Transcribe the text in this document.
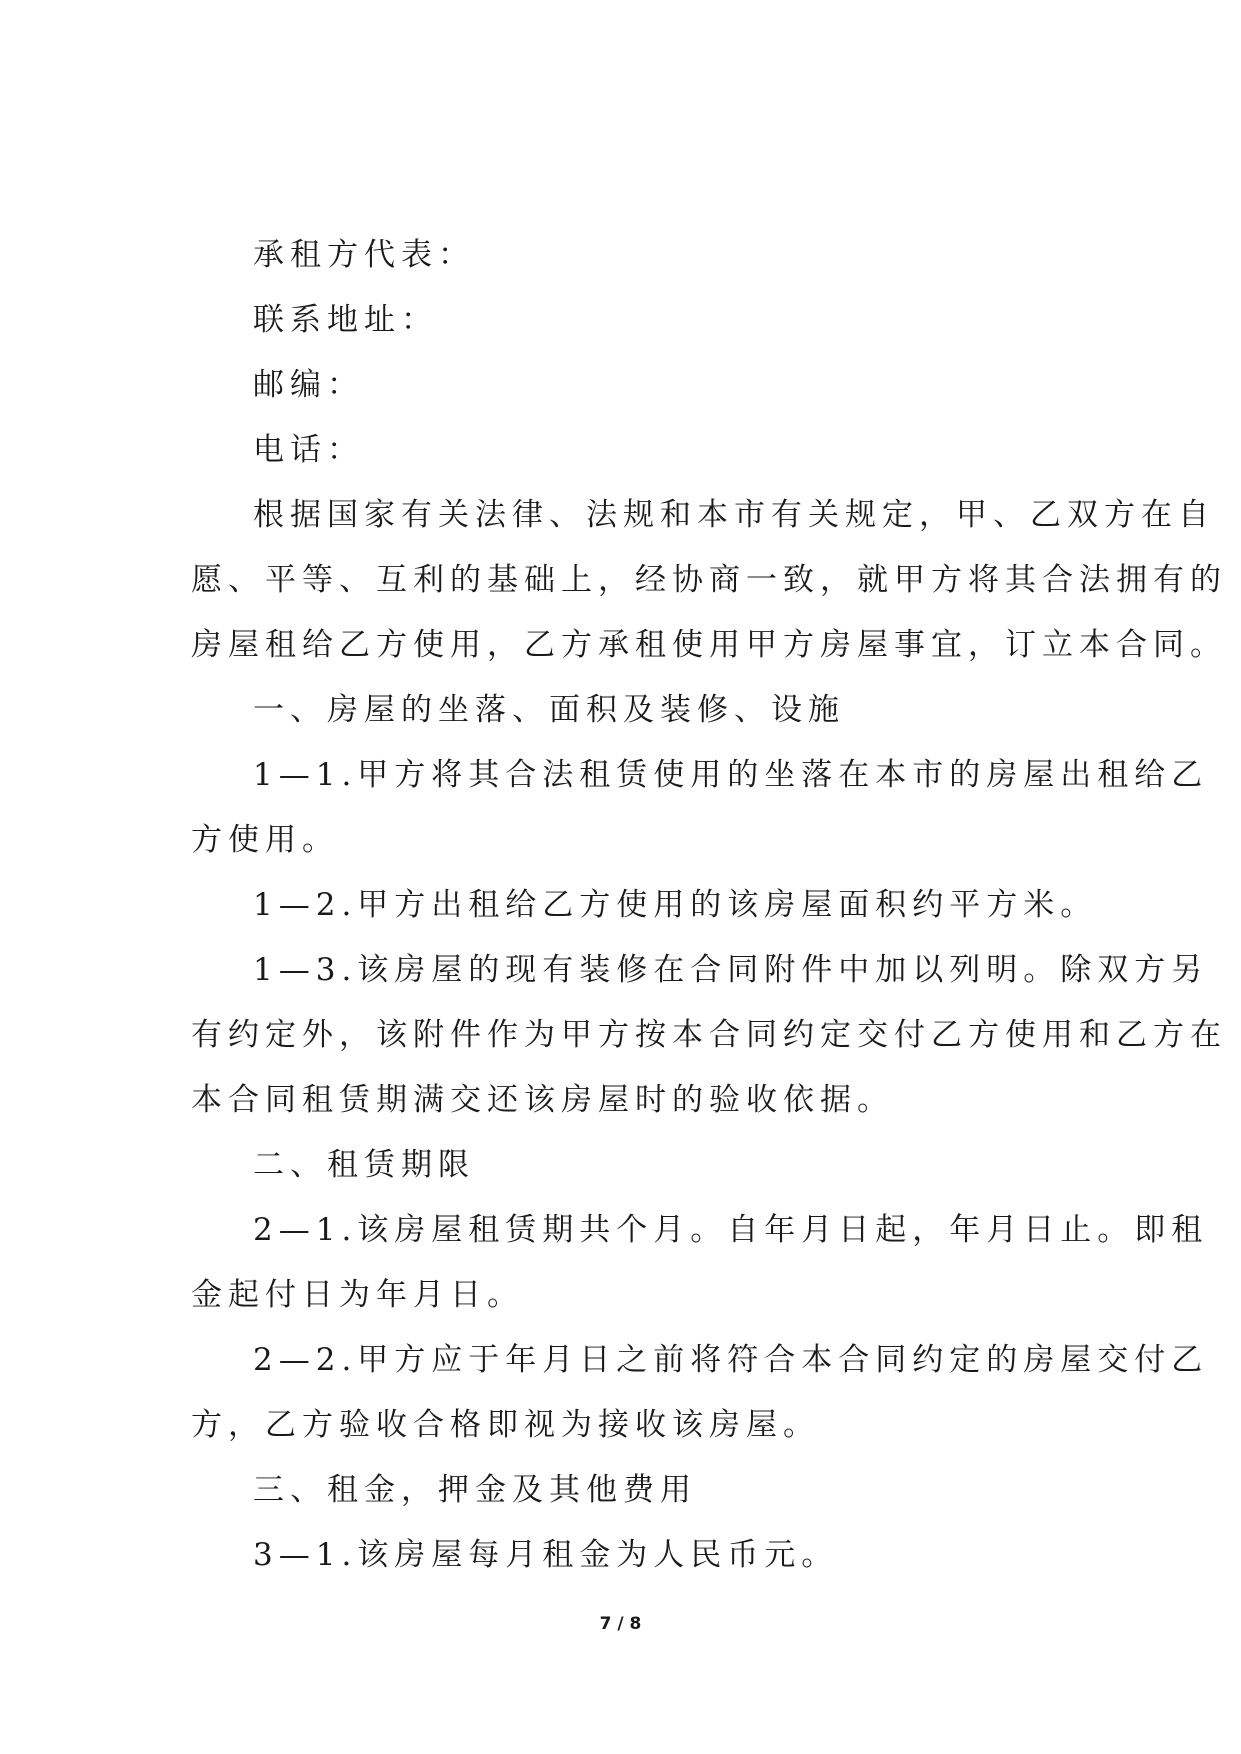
承租方代表：
联系地址：
邮编：
电话：
根据国家有关法律、法规和本市有关规定，甲、乙双方在自
愿、平等、互利的基础上，经协商一致，就甲方将其合法拥有的
房屋租给乙方使用，乙方承租使用甲方房屋事宜，订立本合同。
一、房屋的坐落、面积及装修、设施
1—1.甲方将其合法租赁使用的坐落在本市的房屋出租给乙
方使用。
1—2.甲方出租给乙方使用的该房屋面积约平方米。
1—3.该房屋的现有装修在合同附件中加以列明。除双方另
有约定外，该附件作为甲方按本合同约定交付乙方使用和乙方在
本合同租赁期满交还该房屋时的验收依据。
二、租赁期限
2—1.该房屋租赁期共个月。自年月日起，年月日止。即租
金起付日为年月日。
2—2.甲方应于年月日之前将符合本合同约定的房屋交付乙
方，乙方验收合格即视为接收该房屋。
三、租金，押金及其他费用
3—1.该房屋每月租金为人民币元。
7 / 8
